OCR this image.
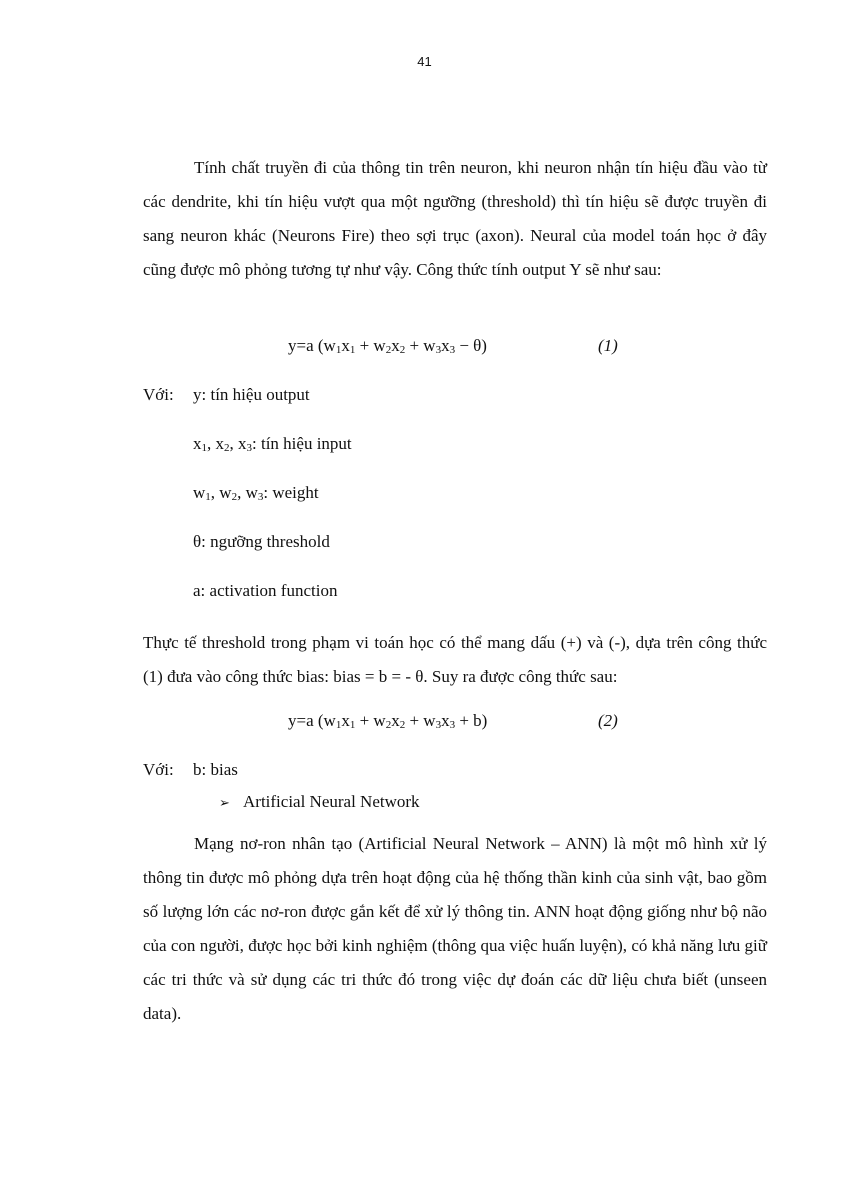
41

Tính chất truyền đi của thông tin trên neuron, khi neuron nhận tín hiệu đầu vào từ các dendrite, khi tín hiệu vượt qua một ngưỡng (threshold) thì tín hiệu sẽ được truyền đi sang neuron khác (Neurons Fire) theo sợi trục (axon). Neural của model toán học ở đây cũng được mô phỏng tương tự như vậy. Công thức tính output Y sẽ như sau:

y=a $(w_1x_1 + w_2x_2 + w_3x_3 - \theta)$	(1)
Với: y: tín hiệu output
$x_1$, $x_2$, $x_3$: tín hiệu input
$w_1$, $w_2$, $w_3$: weight
θ: ngưỡng threshold
a: activation function

Thực tế threshold trong phạm vi toán học có thể mang dấu (+) và (-), dựa trên công thức (1) đưa vào công thức bias: bias = b = - θ. Suy ra được công thức sau:

y=a $(w_1x_1 + w_2x_2 + w_3x_3 + b)$	(2)
Với: b: bias
➢ Artificial Neural Network

Mạng nơ-ron nhân tạo (Artificial Neural Network – ANN) là một mô hình xử lý thông tin được mô phỏng dựa trên hoạt động của hệ thống thần kinh của sinh vật, bao gồm số lượng lớn các nơ-ron được gắn kết để xử lý thông tin. ANN hoạt động giống như bộ não của con người, được học bởi kinh nghiệm (thông qua việc huấn luyện), có khả năng lưu giữ các tri thức và sử dụng các tri thức đó trong việc dự đoán các dữ liệu chưa biết (unseen data).
